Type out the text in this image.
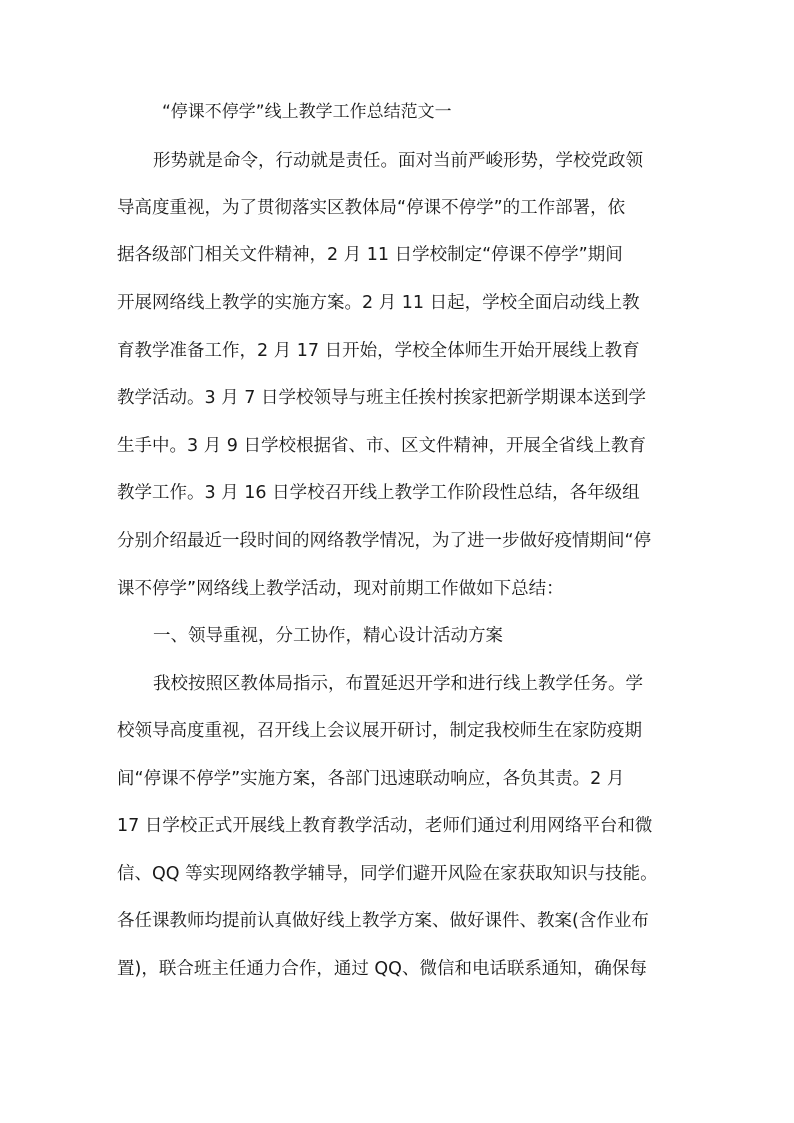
“停课不停学”线上教学工作总结范文一
形势就是命令，行动就是责任。面对当前严峻形势，学校党政领
导高度重视，为了贯彻落实区教体局“停课不停学”的工作部署，依
据各级部门相关文件精神，2 月 11 日学校制定“停课不停学”期间
开展网络线上教学的实施方案。2 月 11 日起，学校全面启动线上教
育教学准备工作，2 月 17 日开始，学校全体师生开始开展线上教育
教学活动。3 月 7 日学校领导与班主任挨村挨家把新学期课本送到学
生手中。3 月 9 日学校根据省、市、区文件精神，开展全省线上教育
教学工作。3 月 16 日学校召开线上教学工作阶段性总结，各年级组
分别介绍最近一段时间的网络教学情况，为了进一步做好疫情期间“停
课不停学”网络线上教学活动，现对前期工作做如下总结：
一、领导重视，分工协作，精心设计活动方案
我校按照区教体局指示，布置延迟开学和进行线上教学任务。学
校领导高度重视，召开线上会议展开研讨，制定我校师生在家防疫期
间“停课不停学”实施方案，各部门迅速联动响应，各负其责。2 月
17 日学校正式开展线上教育教学活动，老师们通过利用网络平台和微
信、QQ 等实现网络教学辅导，同学们避开风险在家获取知识与技能。
各任课教师均提前认真做好线上教学方案、做好课件、教案(含作业布
置)，联合班主任通力合作，通过 QQ、微信和电话联系通知，确保每
